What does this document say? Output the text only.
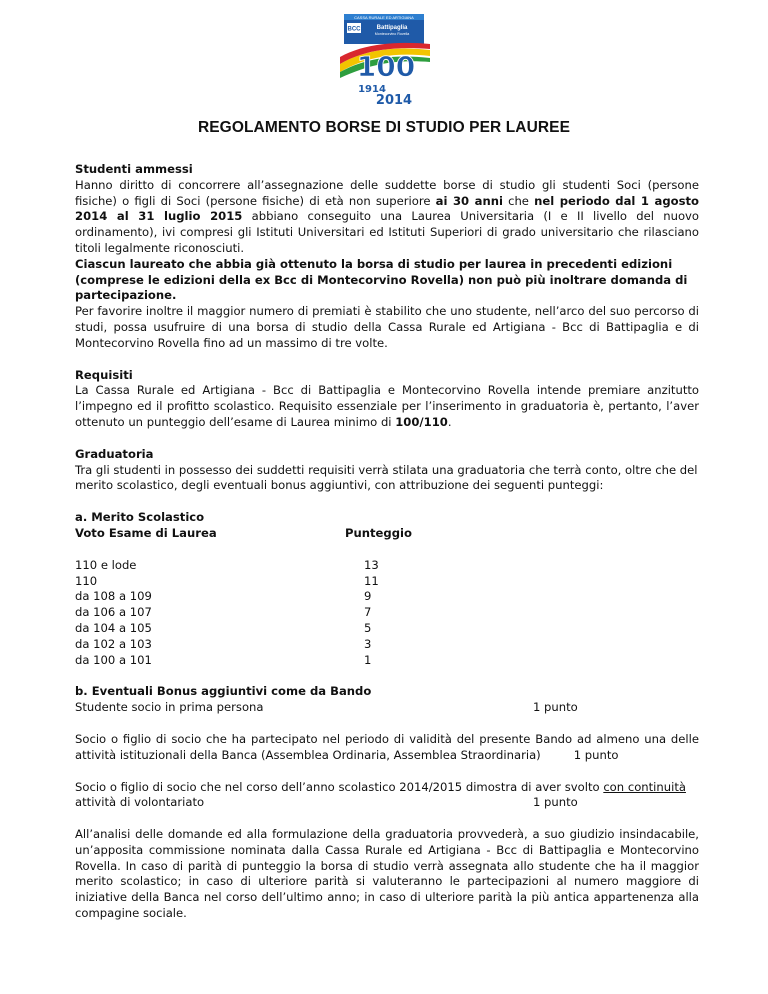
CASSA RURALE ED ARTIGIANA
BCC	Battipaglia
Montecorvino Rovella
100
1914
2014
REGOLAMENTO BORSE DI STUDIO PER LAUREE

Studenti ammessi

Hanno diritto di concorrere all’assegnazione delle suddette borse di studio gli studenti Soci (persone fisiche) o figli di Soci (persone fisiche) di età non superiore ai 30 anni che nel periodo dal 1 agosto 2014 al 31 luglio 2015 abbiano conseguito una Laurea Universitaria (I e II livello del nuovo ordinamento), ivi compresi gli Istituti Universitari ed Istituti Superiori di grado universitario che rilasciano titoli legalmente riconosciuti.

Ciascun laureato che abbia già ottenuto la borsa di studio per laurea in precedenti edizioni (comprese le edizioni della ex Bcc di Montecorvino Rovella) non può più inoltrare domanda di partecipazione.

Per favorire inoltre il maggior numero di premiati è stabilito che uno studente, nell’arco del suo percorso di studi, possa usufruire di una borsa di studio della Cassa Rurale ed Artigiana - Bcc di Battipaglia e di Montecorvino Rovella fino ad un massimo di tre volte.

Requisiti

La Cassa Rurale ed Artigiana - Bcc di Battipaglia e Montecorvino Rovella intende premiare anzitutto l’impegno ed il profitto scolastico. Requisito essenziale per l’inserimento in graduatoria è, pertanto, l’aver ottenuto un punteggio dell’esame di Laurea minimo di 100/110.

Graduatoria

Tra gli studenti in possesso dei suddetti requisiti verrà stilata una graduatoria che terrà conto, oltre che del merito scolastico, degli eventuali bonus aggiuntivi, con attribuzione dei seguenti punteggi:

a. Merito Scolastico

Voto Esame di Laurea	Punteggio
110 e lode	13
110	11
da 108 a 109	9
da 106 a 107	7
da 104 a 105	5
da 102 a 103	3
da 100 a 101	1

b. Eventuali Bonus aggiuntivi come da Bando

Studente socio in prima persona	1 punto

Socio o figlio di socio che ha partecipato nel periodo di validità del presente Bando ad almeno una delle attività istituzionali della Banca (Assemblea Ordinaria, Assemblea Straordinaria)	1 punto

Socio o figlio di socio che nel corso dell’anno scolastico 2014/2015 dimostra di aver svolto con continuità

attività di volontariato	1 punto

All’analisi delle domande ed alla formulazione della graduatoria provvederà, a suo giudizio insindacabile, un’apposita commissione nominata dalla Cassa Rurale ed Artigiana - Bcc di Battipaglia e Montecorvino Rovella. In caso di parità di punteggio la borsa di studio verrà assegnata allo studente che ha il maggior merito scolastico; in caso di ulteriore parità si valuteranno le partecipazioni al numero maggiore di iniziative della Banca nel corso dell’ultimo anno; in caso di ulteriore parità la più antica appartenenza alla compagine sociale.
